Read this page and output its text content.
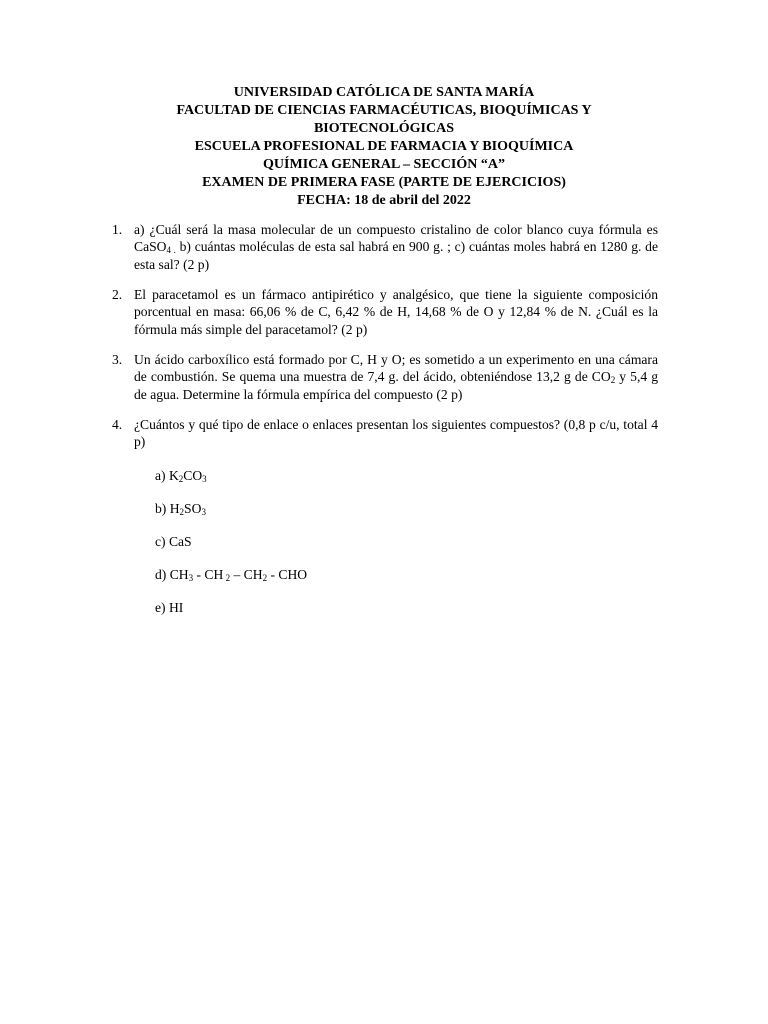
UNIVERSIDAD CATÓLICA DE SANTA MARÍA
FACULTAD DE CIENCIAS FARMACÉUTICAS, BIOQUÍMICAS Y
BIOTECNOLÓGICAS
ESCUELA PROFESIONAL DE FARMACIA Y BIOQUÍMICA
QUÍMICA GENERAL – SECCIÓN “A”
EXAMEN DE PRIMERA FASE (PARTE DE EJERCICIOS)
FECHA: 18 de abril del 2022
1. a) ¿Cuál será la masa molecular de un compuesto cristalino de color blanco cuya fórmula es CaSO$_{4 .}$ b) cuántas moléculas de esta sal habrá en 900 g. ; c) cuántas moles habrá en 1280 g. de esta sal? (2 p)
2. El paracetamol es un fármaco antipirético y analgésico, que tiene la siguiente composición porcentual en masa: 66,06 % de C, 6,42 % de H, 14,68 % de O y 12,84 % de N. ¿Cuál es la fórmula más simple del paracetamol? (2 p)
3. Un ácido carboxílico está formado por C, H y O; es sometido a un experimento en una cámara de combustión. Se quema una muestra de 7,4 g. del ácido, obteniéndose 13,2 g de $CO_2$ y 5,4 g de agua. Determine la fórmula empírica del compuesto (2 p)
4. ¿Cuántos y qué tipo de enlace o enlaces presentan los siguientes compuestos? (0,8 p c/u, total 4 p)
a) $K_2CO_3$
b) $H_2SO_3$
c) CaS
d) $CH_3$ - CH $_2 - CH_2$ - CHO
e) HI
